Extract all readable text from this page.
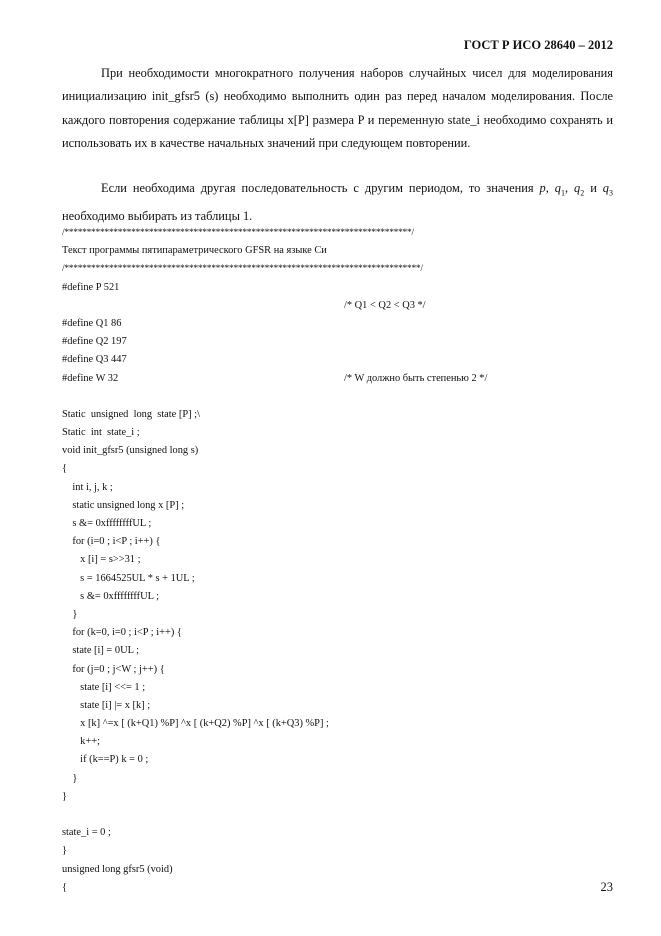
ГОСТ Р ИСО 28640 – 2012

При необходимости многократного получения наборов случайных чисел для моделирования инициализацию init_gfsr5 (s) необходимо выполнить один раз перед началом моделирования. После каждого повторения содержание таблицы x[P] размера P и переменную state_i необходимо сохранять и использовать их в качестве начальных значений при следующем повторении.

Если необходима другая последовательность с другим периодом, то значения p, $q_1$, $q_2$ и $q_3$ необходимо выбирать из таблицы 1.

/******************************************************************************/
Текст программы пятипараметрического GFSR на языке Си
/********************************************************************************/
#define P 521
/* Q1 < Q2 < Q3 */
#define Q1 86
#define Q2 197
#define Q3 447
#define W 32	/* W должно быть степенью 2 */
Static  unsigned  long  state [P] ;\
Static  int  state_i ;
void init_gfsr5 (unsigned long s)
{
int i, j, k ;
static unsigned long x [P] ;
s &= 0xffffffffUL ;
for (i=0 ; i<P ; i++) {
x [i] = s>>31 ;
s = 1664525UL * s + 1UL ;
s &= 0xffffffffUL ;
}
for (k=0, i=0 ; i<P ; i++) {
state [i] = 0UL ;
for (j=0 ; j<W ; j++) {
state [i] <<= 1 ;
state [i] |= x [k] ;
x [k] ^=x [ (k+Q1) %P] ^x [ (k+Q2) %P] ^x [ (k+Q3) %P] ;
k++;
if (k==P) k = 0 ;
}
}
state_i = 0 ;
}
unsigned long gfsr5 (void)
{	23
